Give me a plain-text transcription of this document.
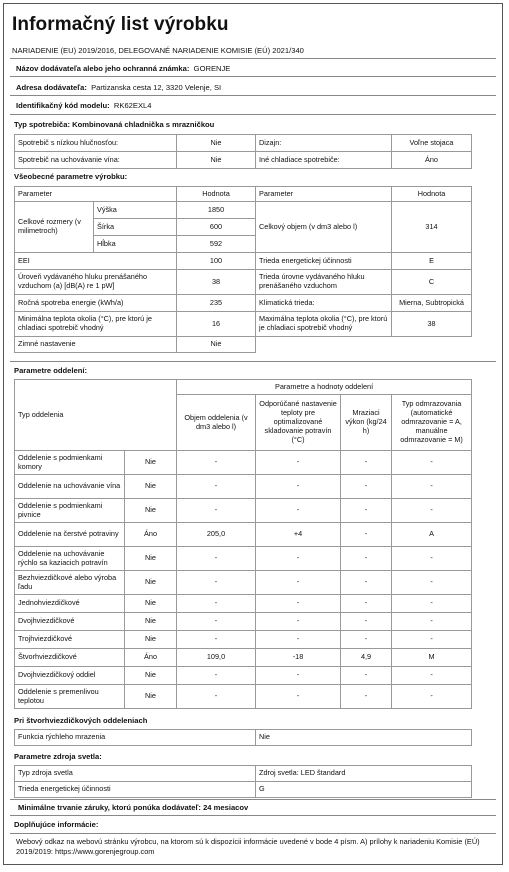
Informačný list výrobku
NARIADENIE (EU) 2019/2016, DELEGOVANÉ NARIADENIE KOMISIE (EÚ) 2021/340
Názov dodávateľa alebo jeho ochranná známka: GORENJE
Adresa dodávateľa: Partizanska cesta 12, 3320 Velenje, SI
Identifikačný kód modelu: RK62EXL4
Typ spotrebiča: Kombinovaná chladnička s mrazničkou
Spotrebič s nízkou hlučnosťou:	Nie	Dizajn:	Voľne stojaca
Spotrebič na uchovávanie vína:	Nie	Iné chladiace spotrebiče:	Áno
Všeobecné parametre výrobku:
Parameter		Hodnota	Parameter	Hodnota
Celkové rozmery (v milimetroch)	Výška	1850	Celkový objem (v dm3 alebo l)	314
	Šírka	600		
	Hĺbka	592		
EEI		100	Trieda energetickej účinnosti	E
Úroveň vydávaného hluku prenášaného vzduchom (a) [dB(A) re 1 pW]		38	Trieda úrovne vydávaného hluku prenášaného vzduchom	C
Ročná spotreba energie (kWh/a)		235	Klimatická trieda:	Mierna, Subtropická
Minimálna teplota okolia (°C), pre ktorú je chladiaci spotrebič vhodný		16	Maximálna teplota okolia (°C), pre ktorú je chladiaci spotrebič vhodný	38
Zimné nastavenie		Nie		
Parametre oddelení:
Typ oddelenia		Parametre a hodnoty oddelení			
		Objem oddelenia (v dm3 alebo l)	Odporúčané nastavenie teploty pre optimalizované skladovanie potravín (°C)	Mraziaci výkon (kg/24 h)	Typ odmrazovania (automatické odmrazovanie = A, manuálne odmrazovanie = M)
Oddelenie s podmienkami komory	Nie	-	-	-	-
Oddelenie na uchovávanie vína	Nie	-	-	-	-
Oddelenie s podmienkami pivnice	Nie	-	-	-	-
Oddelenie na čerstvé potraviny	Áno	205,0	+4	-	A
Oddelenie na uchovávanie rýchlo sa kaziacich potravín	Nie	-	-	-	-
Bezhviezdičkové alebo výroba ľadu	Nie	-	-	-	-
Jednohviezdičkové	Nie	-	-	-	-
Dvojhviezdičkové	Nie	-	-	-	-
Trojhviezdičkové	Nie	-	-	-	-
Štvorhviezdičkové	Áno	109,0	-18	4,9	M
Dvojhviezdičkový oddiel	Nie	-	-	-	-
Oddelenie s premenlivou teplotou	Nie	-	-	-	-
Pri štvorhviezdičkových oddeleniach
Funkcia rýchleho mrazenia	Nie
Parametre zdroja svetla:
Typ zdroja svetla	Zdroj svetla: LED štandard
Trieda energetickej účinnosti	G
Minimálne trvanie záruky, ktorú ponúka dodávateľ: 24 mesiacov
Doplňujúce informácie:
Webový odkaz na webovú stránku výrobcu, na ktorom sú k dispozícii informácie uvedené v bode 4 písm. A) prílohy k nariadeniu Komisie (EÚ) 2019/2019: https://www.gorenjegroup.com
